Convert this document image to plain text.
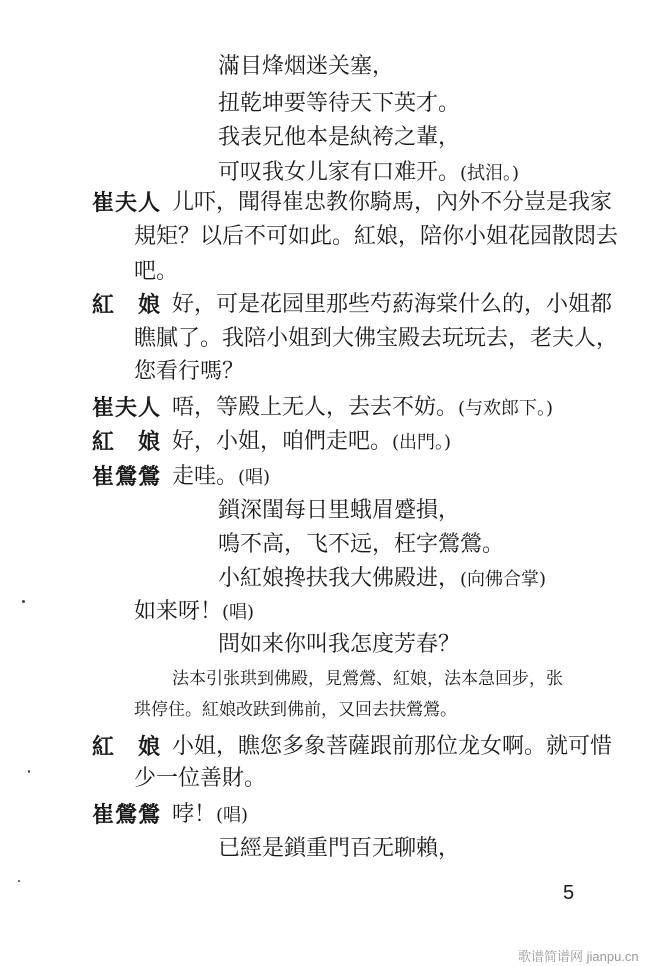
滿目烽烟迷关塞，
扭乾坤要等待天下英才。
我表兄他本是紈袴之輩，
可叹我女儿家有口难开。(拭泪。)
崔夫人 儿吓，聞得崔忠教你騎馬，內外不分豈是我家
規矩？以后不可如此。紅娘，陪你小姐花园散悶去
吧。
紅　娘 好，可是花园里那些芍葯海棠什么的，小姐都
瞧膩了。我陪小姐到大佛宝殿去玩玩去，老夫人，
您看行嗎？
崔夫人 唔，等殿上无人，去去不妨。(与欢郎下。)
紅　娘 好，小姐，咱們走吧。(出門。)
崔鶯鶯 走哇。(唱)
鎖深閨每日里蛾眉蹙損，
鳴不高，飞不远，枉字鶯鶯。
小紅娘搀扶我大佛殿进，(向佛合掌)
如来呀！(唱)
問如来你叫我怎度芳春？
法本引张珙到佛殿，見鶯鶯、紅娘，法本急回步，张
珙停住。紅娘改趺到佛前，又回去扶鶯鶯。
紅　娘 小姐，瞧您多象菩薩跟前那位龙女啊。就可惜
少一位善財。
崔鶯鶯 哱！(唱)
已經是鎖重門百无聊賴，
5
歌谱简谱网 jianpu.cn
